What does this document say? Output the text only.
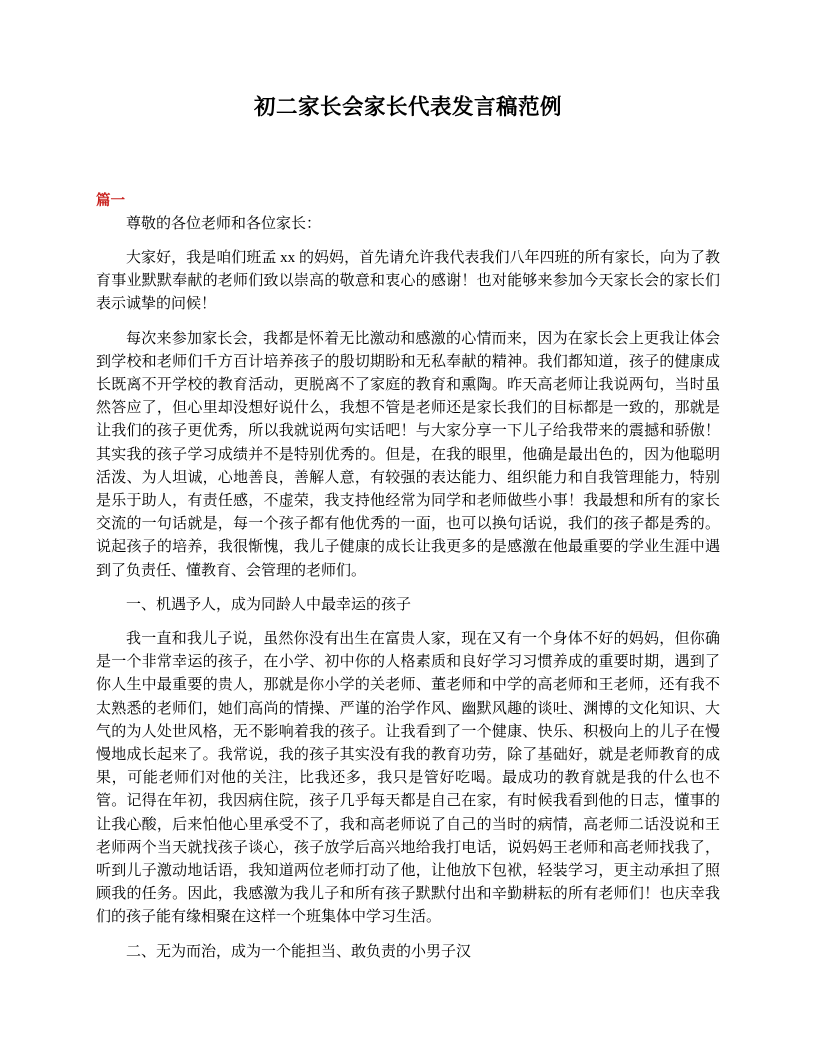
初二家长会家长代表发言稿范例
篇一

尊敬的各位老师和各位家长：

大家好，我是咱们班孟 xx 的妈妈，首先请允许我代表我们八年四班的所有家长，向为了教育事业默默奉献的老师们致以崇高的敬意和衷心的感谢！也对能够来参加今天家长会的家长们表示诚挚的问候！

每次来参加家长会，我都是怀着无比激动和感激的心情而来，因为在家长会上更我让体会到学校和老师们千方百计培养孩子的殷切期盼和无私奉献的精神。我们都知道，孩子的健康成长既离不开学校的教育活动，更脱离不了家庭的教育和熏陶。昨天高老师让我说两句，当时虽然答应了，但心里却没想好说什么，我想不管是老师还是家长我们的目标都是一致的，那就是让我们的孩子更优秀，所以我就说两句实话吧！与大家分享一下儿子给我带来的震撼和骄傲！其实我的孩子学习成绩并不是特别优秀的。但是，在我的眼里，他确是最出色的，因为他聪明活泼、为人坦诚，心地善良，善解人意，有较强的表达能力、组织能力和自我管理能力，特别是乐于助人，有责任感，不虚荣，我支持他经常为同学和老师做些小事！我最想和所有的家长交流的一句话就是，每一个孩子都有他优秀的一面，也可以换句话说，我们的孩子都是秀的。说起孩子的培养，我很惭愧，我儿子健康的成长让我更多的是感激在他最重要的学业生涯中遇到了负责任、懂教育、会管理的老师们。

一、机遇予人，成为同龄人中最幸运的孩子

我一直和我儿子说，虽然你没有出生在富贵人家，现在又有一个身体不好的妈妈，但你确是一个非常幸运的孩子，在小学、初中你的人格素质和良好学习习惯养成的重要时期，遇到了你人生中最重要的贵人，那就是你小学的关老师、董老师和中学的高老师和王老师，还有我不太熟悉的老师们，她们高尚的情操、严谨的治学作风、幽默风趣的谈吐、渊博的文化知识、大气的为人处世风格，无不影响着我的孩子。让我看到了一个健康、快乐、积极向上的儿子在慢慢地成长起来了。我常说，我的孩子其实没有我的教育功劳，除了基础好，就是老师教育的成果，可能老师们对他的关注，比我还多，我只是管好吃喝。最成功的教育就是我的什么也不管。记得在年初，我因病住院，孩子几乎每天都是自己在家，有时候我看到他的日志，懂事的让我心酸，后来怕他心里承受不了，我和高老师说了自己的当时的病情，高老师二话没说和王老师两个当天就找孩子谈心，孩子放学后高兴地给我打电话，说妈妈王老师和高老师找我了，听到儿子激动地话语，我知道两位老师打动了他，让他放下包袱，轻装学习，更主动承担了照顾我的任务。因此，我感激为我儿子和所有孩子默默付出和辛勤耕耘的所有老师们！也庆幸我们的孩子能有缘相聚在这样一个班集体中学习生活。

二、无为而治，成为一个能担当、敢负责的小男子汉
